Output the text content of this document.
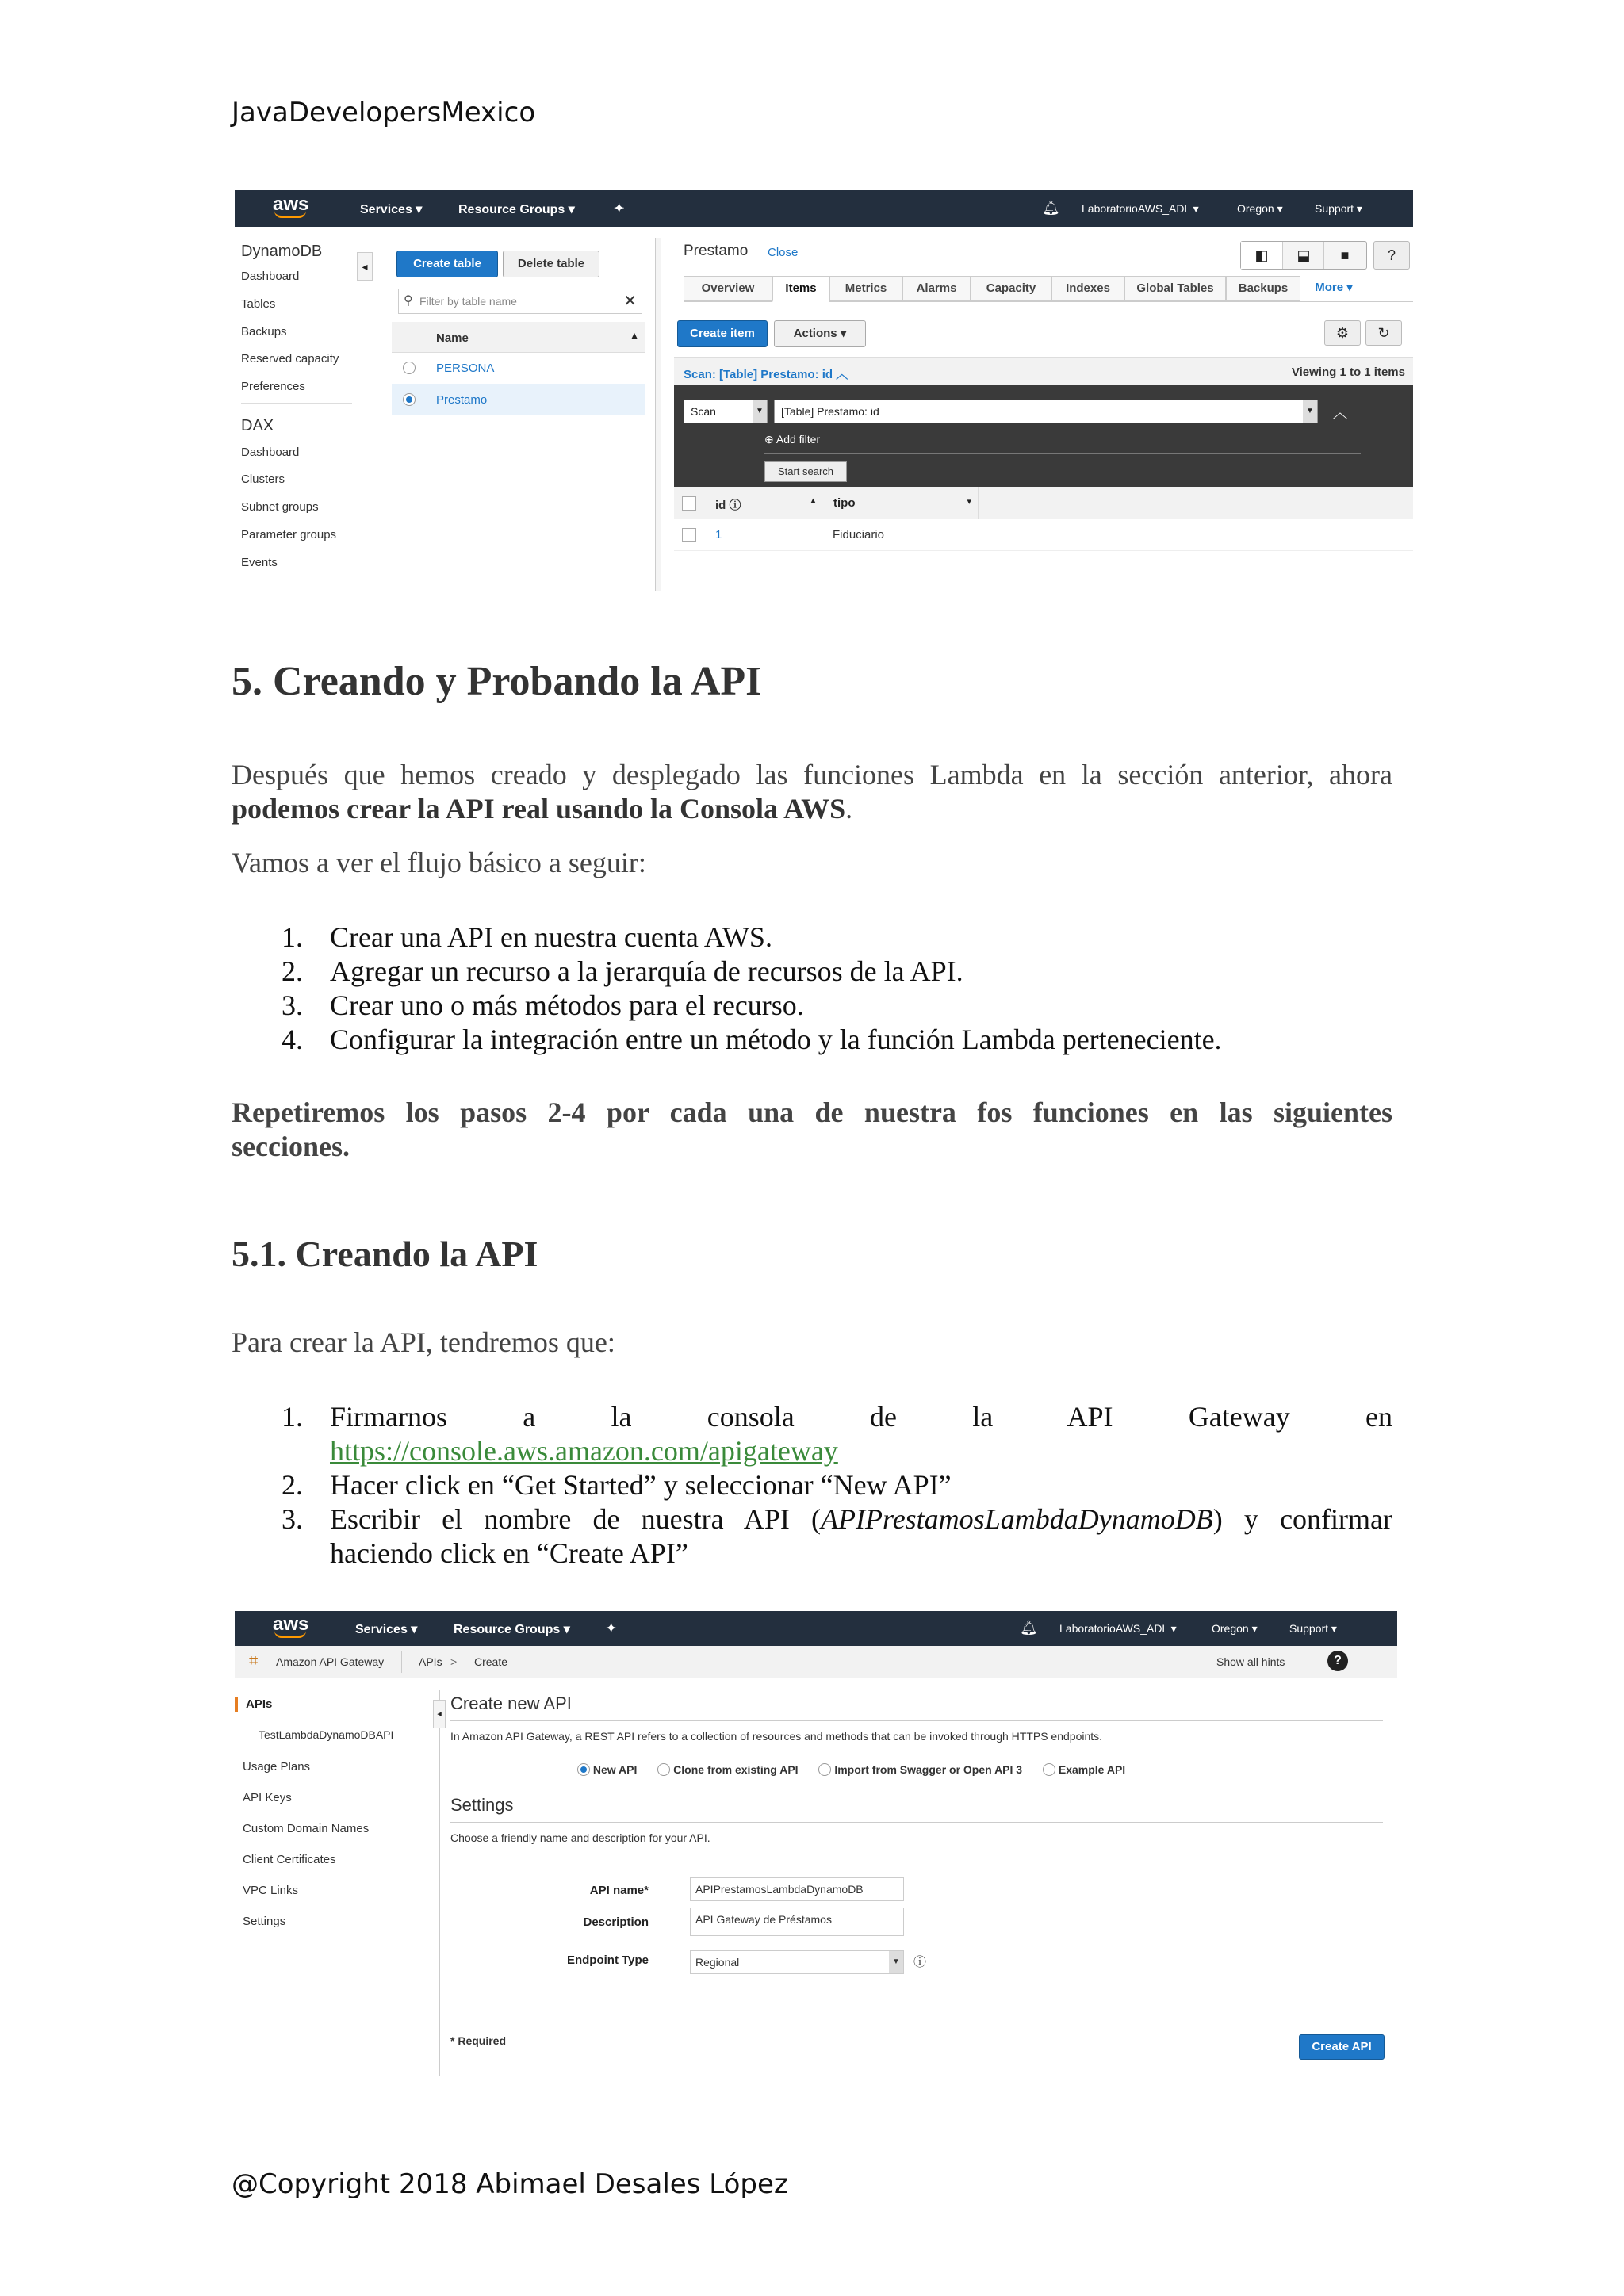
JavaDevelopersMexico
@Copyright 2018 Abimael Desales López
aws	Services ▾	Resource Groups ▾	✦	🔔︎ LaboratorioAWS_ADL ▾	Oregon ▾	Support ▾
DynamoDB
Dashboard
Tables
Backups
Reserved capacity
Preferences
DAX
Dashboard
Clusters
Subnet groups
Parameter groups
Events
◂	Create table	Delete table
⚲ Filter by table name	✕
Name	▲
PERSONA
Prestamo
Prestamo Close	◧	⬓	■	?
Overview	Items	Metrics	Alarms	Capacity	Indexes	Global Tables	Backups	More ▾
Create item	Actions ▾	⚙	↻
Scan: [Table] Prestamo: id ︿	Viewing 1 to 1 items
Scan	▼	[Table] Prestamo: id	▼ ︿
⊕ Add filter
Start search
id ⓘ	▲ tipo	▾
1	Fiduciario
5. Creando y Probando la API
Después que hemos creado y desplegado las funciones Lambda en la sección anterior, ahora
podemos crear la API real usando la Consola AWS.
Vamos a ver el flujo básico a seguir:
1. Crear una API en nuestra cuenta AWS.
2. Agregar un recurso a la jerarquía de recursos de la API.
3. Crear uno o más métodos para el recurso.
4. Configurar la integración entre un método y la función Lambda perteneciente.
Repetiremos los pasos 2-4 por cada una de nuestra fos funciones en las siguientes
secciones.
5.1. Creando la API
Para crear la API, tendremos que:
1. Firmarnos a la consola de la API Gateway en
https://console.aws.amazon.com/apigateway
2. Hacer click en “Get Started” y seleccionar “New API”
3. Escribir el nombre de nuestra API (APIPrestamosLambdaDynamoDB) y confirmar
haciendo click en “Create API”
aws	Services ▾	Resource Groups ▾	✦	🔔︎ LaboratorioAWS_ADL ▾	Oregon ▾	Support ▾
⌗ Amazon API Gateway	APIs > Create	Show all hints	?
APIs
TestLambdaDynamoDBAPI
Usage Plans
API Keys
Custom Domain Names
Client Certificates
VPC Links
Settings
◂
Create new API
In Amazon API Gateway, a REST API refers to a collection of resources and methods that can be invoked through HTTPS endpoints.
New API	Clone from existing API	Import from Swagger or Open API 3	Example API
Settings
Choose a friendly name and description for your API.
API name*	APIPrestamosLambdaDynamoDB
Description	API Gateway de Préstamos
Endpoint Type	Regional	▼ ⓘ
* Required	Create API
